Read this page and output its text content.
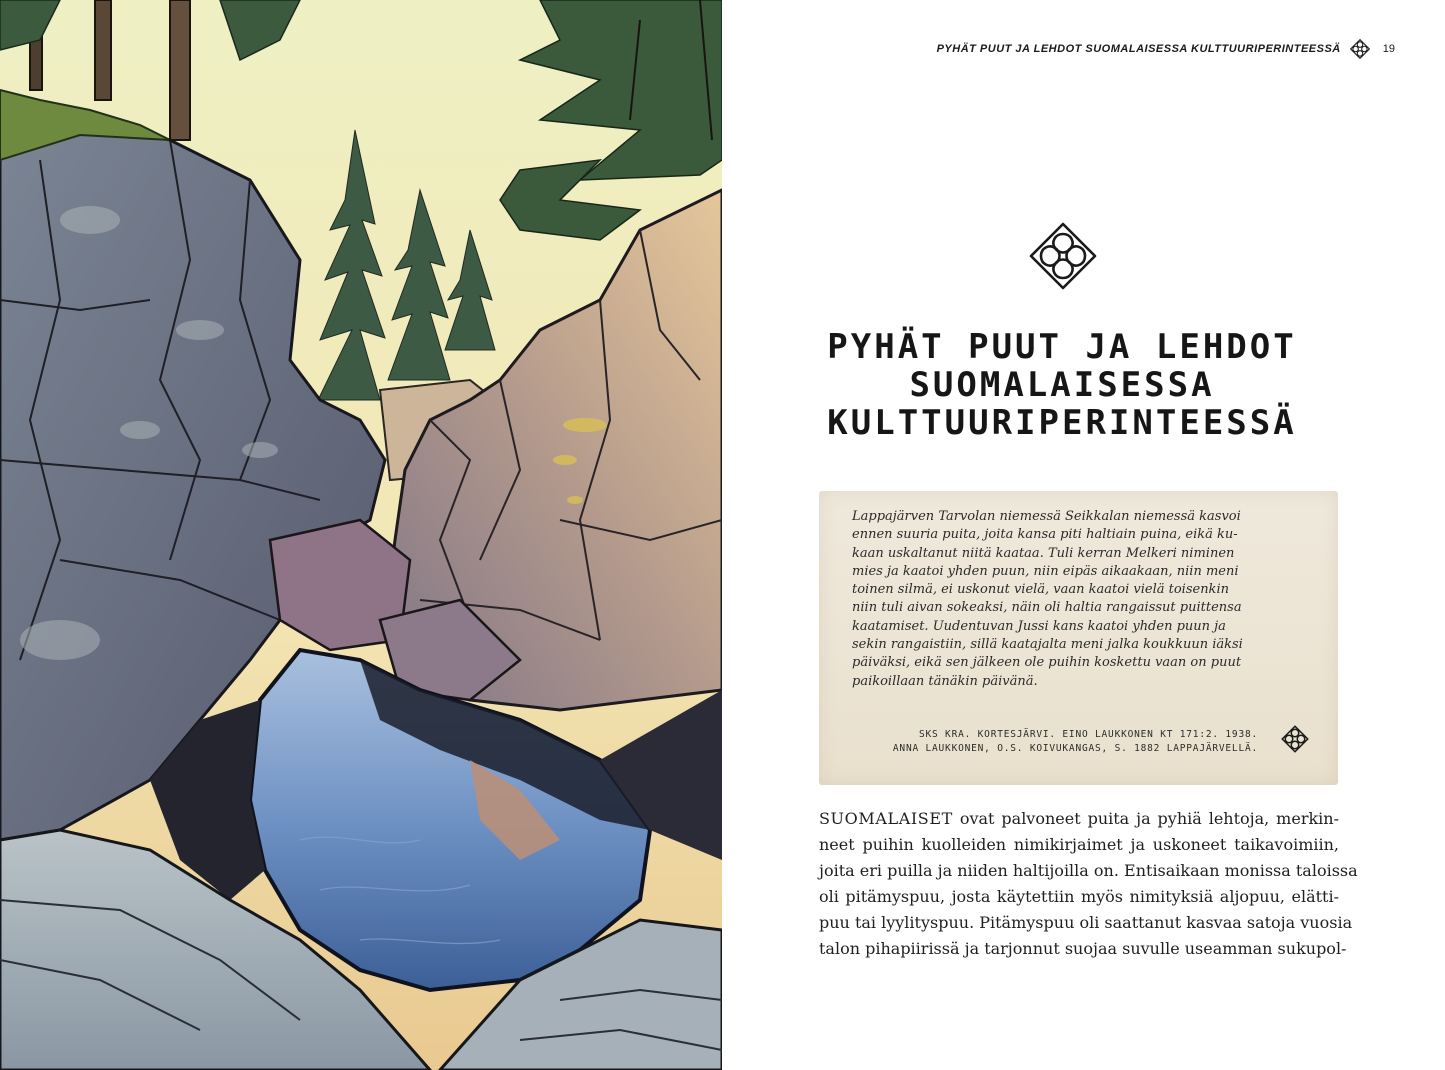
PYHÄT PUUT JA LEHDOT SUOMALAISESSA KULTTUURIPERINTEESSÄ	19
PYHÄT PUUT JA LEHDOT
SUOMALAISESSA
KULTTUURIPERINTEESSÄ

Lappajärven Tarvolan niemessä Seikkalan niemessä kasvoi
ennen suuria puita, joita kansa piti haltiain puina, eikä ku-
kaan uskaltanut niitä kaataa. Tuli kerran Melkeri niminen
mies ja kaatoi yhden puun, niin eipäs aikaakaan, niin meni
toinen silmä, ei uskonut vielä, vaan kaatoi vielä toisenkin
niin tuli aivan sokeaksi, näin oli haltia rangaissut puittensa
kaatamiset. Uudentuvan Jussi kans kaatoi yhden puun ja
sekin rangaistiin, sillä kaatajalta meni jalka koukkuun iäksi
päiväksi, eikä sen jälkeen ole puihin koskettu vaan on puut
paikoillaan tänäkin päivänä.

SKS KRA. KORTESJÄRVI. EINO LAUKKONEN KT 171:2. 1938.
ANNA LAUKKONEN, O.S. KOIVUKANGAS, S. 1882 LAPPAJÄRVELLÄ.

SUOMALAISET ovat palvoneet puita ja pyhiä lehtoja, merkin-
neet puihin kuolleiden nimikirjaimet ja uskoneet taikavoimiin,
joita eri puilla ja niiden haltijoilla on. Entisaikaan monissa taloissa
oli pitämyspuu, josta käytettiin myös nimityksiä aljopuu, elätti-
puu tai lyylityspuu. Pitämyspuu oli saattanut kasvaa satoja vuosia
talon pihapiirissä ja tarjonnut suojaa suvulle useamman sukupol-
